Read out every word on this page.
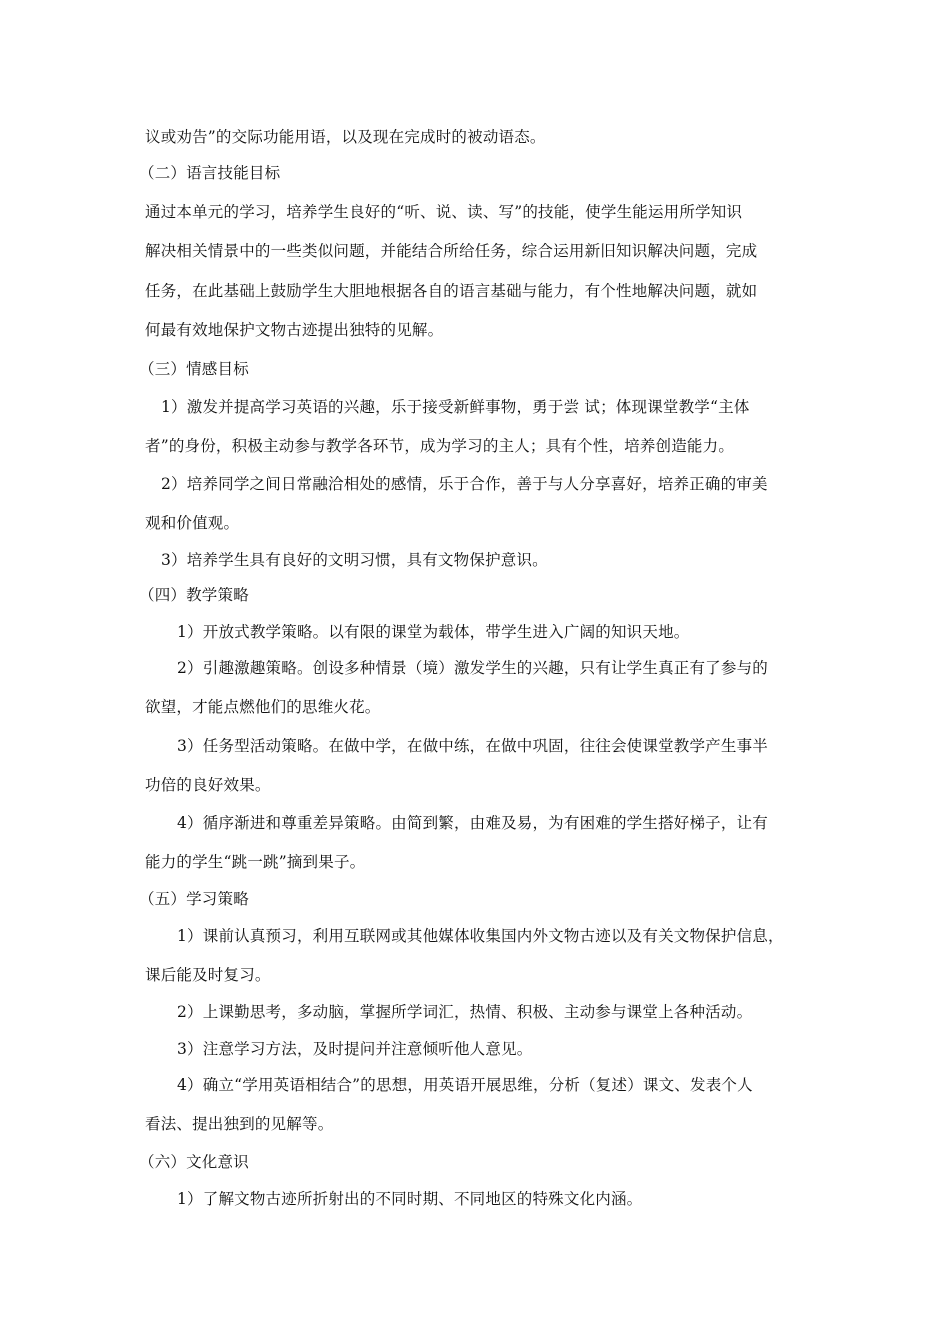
议或劝告”的交际功能用语，以及现在完成时的被动语态。
（二）语言技能目标
通过本单元的学习，培养学生良好的“听、说、读、写”的技能，使学生能运用所学知识
解决相关情景中的一些类似问题，并能结合所给任务，综合运用新旧知识解决问题，完成
任务，在此基础上鼓励学生大胆地根据各自的语言基础与能力，有个性地解决问题，就如
何最有效地保护文物古迹提出独特的见解。
（三）情感目标
1）激发并提高学习英语的兴趣，乐于接受新鲜事物，勇于尝 试；体现课堂教学“主体
者”的身份，积极主动参与教学各环节，成为学习的主人；具有个性，培养创造能力。
2）培养同学之间日常融洽相处的感情，乐于合作，善于与人分享喜好，培养正确的审美
观和价值观。
3）培养学生具有良好的文明习惯，具有文物保护意识。
（四）教学策略
1）开放式教学策略。以有限的课堂为载体，带学生进入广阔的知识天地。
2）引趣激趣策略。创设多种情景（境）激发学生的兴趣，只有让学生真正有了参与的
欲望，才能点燃他们的思维火花。
3）任务型活动策略。在做中学，在做中练，在做中巩固，往往会使课堂教学产生事半
功倍的良好效果。
4）循序渐进和尊重差异策略。由简到繁，由难及易，为有困难的学生搭好梯子，让有
能力的学生“跳一跳”摘到果子。
（五）学习策略
1）课前认真预习，利用互联网或其他媒体收集国内外文物古迹以及有关文物保护信息，
课后能及时复习。
2）上课勤思考，多动脑，掌握所学词汇，热情、积极、主动参与课堂上各种活动。
3）注意学习方法，及时提问并注意倾听他人意见。
4）确立“学用英语相结合”的思想，用英语开展思维，分析（复述）课文、发表个人
看法、提出独到的见解等。
（六）文化意识
1）了解文物古迹所折射出的不同时期、不同地区的特殊文化内涵。
